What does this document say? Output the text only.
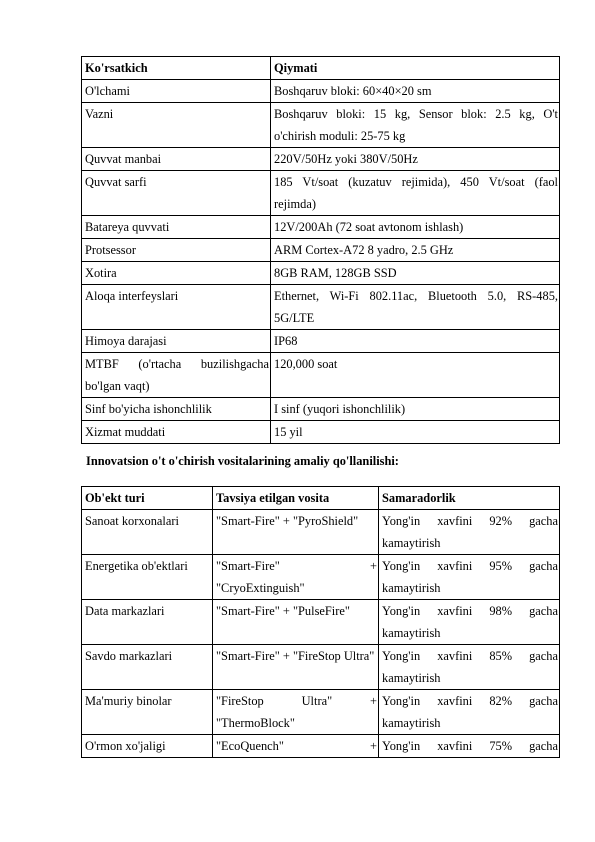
Ko'rsatkich	Qiymati
O'lchami	Boshqaruv bloki: 60×40×20 sm
Vazni	Boshqaruv bloki: 15 kg, Sensor blok: 2.5 kg, O't o'chirish moduli: 25-75 kg
Quvvat manbai	220V/50Hz yoki 380V/50Hz
Quvvat sarfi	185 Vt/soat (kuzatuv rejimida), 450 Vt/soat (faol rejimda)
Batareya quvvati	12V/200Ah (72 soat avtonom ishlash)
Protsessor	ARM Cortex-A72 8 yadro, 2.5 GHz
Xotira	8GB RAM, 128GB SSD
Aloqa interfeyslari	Ethernet, Wi-Fi 802.11ac, Bluetooth 5.0, RS-485, 5G/LTE
Himoya darajasi	IP68
MTBF (o'rtacha buzilishgacha bo'lgan vaqt)	120,000 soat
Sinf bo'yicha ishonchlilik	I sinf (yuqori ishonchlilik)
Xizmat muddati	15 yil
Innovatsion o't o'chirish vositalarining amaliy qo'llanilishi:
Ob'ekt turi	Tavsiya etilgan vosita	Samaradorlik
Sanoat korxonalari	"Smart-Fire" + "PyroShield"	Yong'in xavfini 92% gacha kamaytirish
Energetika ob'ektlari	"Smart-Fire" + "CryoExtinguish"	Yong'in xavfini 95% gacha kamaytirish
Data markazlari	"Smart-Fire" + "PulseFire"	Yong'in xavfini 98% gacha kamaytirish
Savdo markazlari	"Smart-Fire" + "FireStop Ultra"	Yong'in xavfini 85% gacha kamaytirish
Ma'muriy binolar	"FireStop Ultra" + "ThermoBlock"	Yong'in xavfini 82% gacha kamaytirish
O'rmon xo'jaligi	"EcoQuench" +	Yong'in xavfini 75% gacha
